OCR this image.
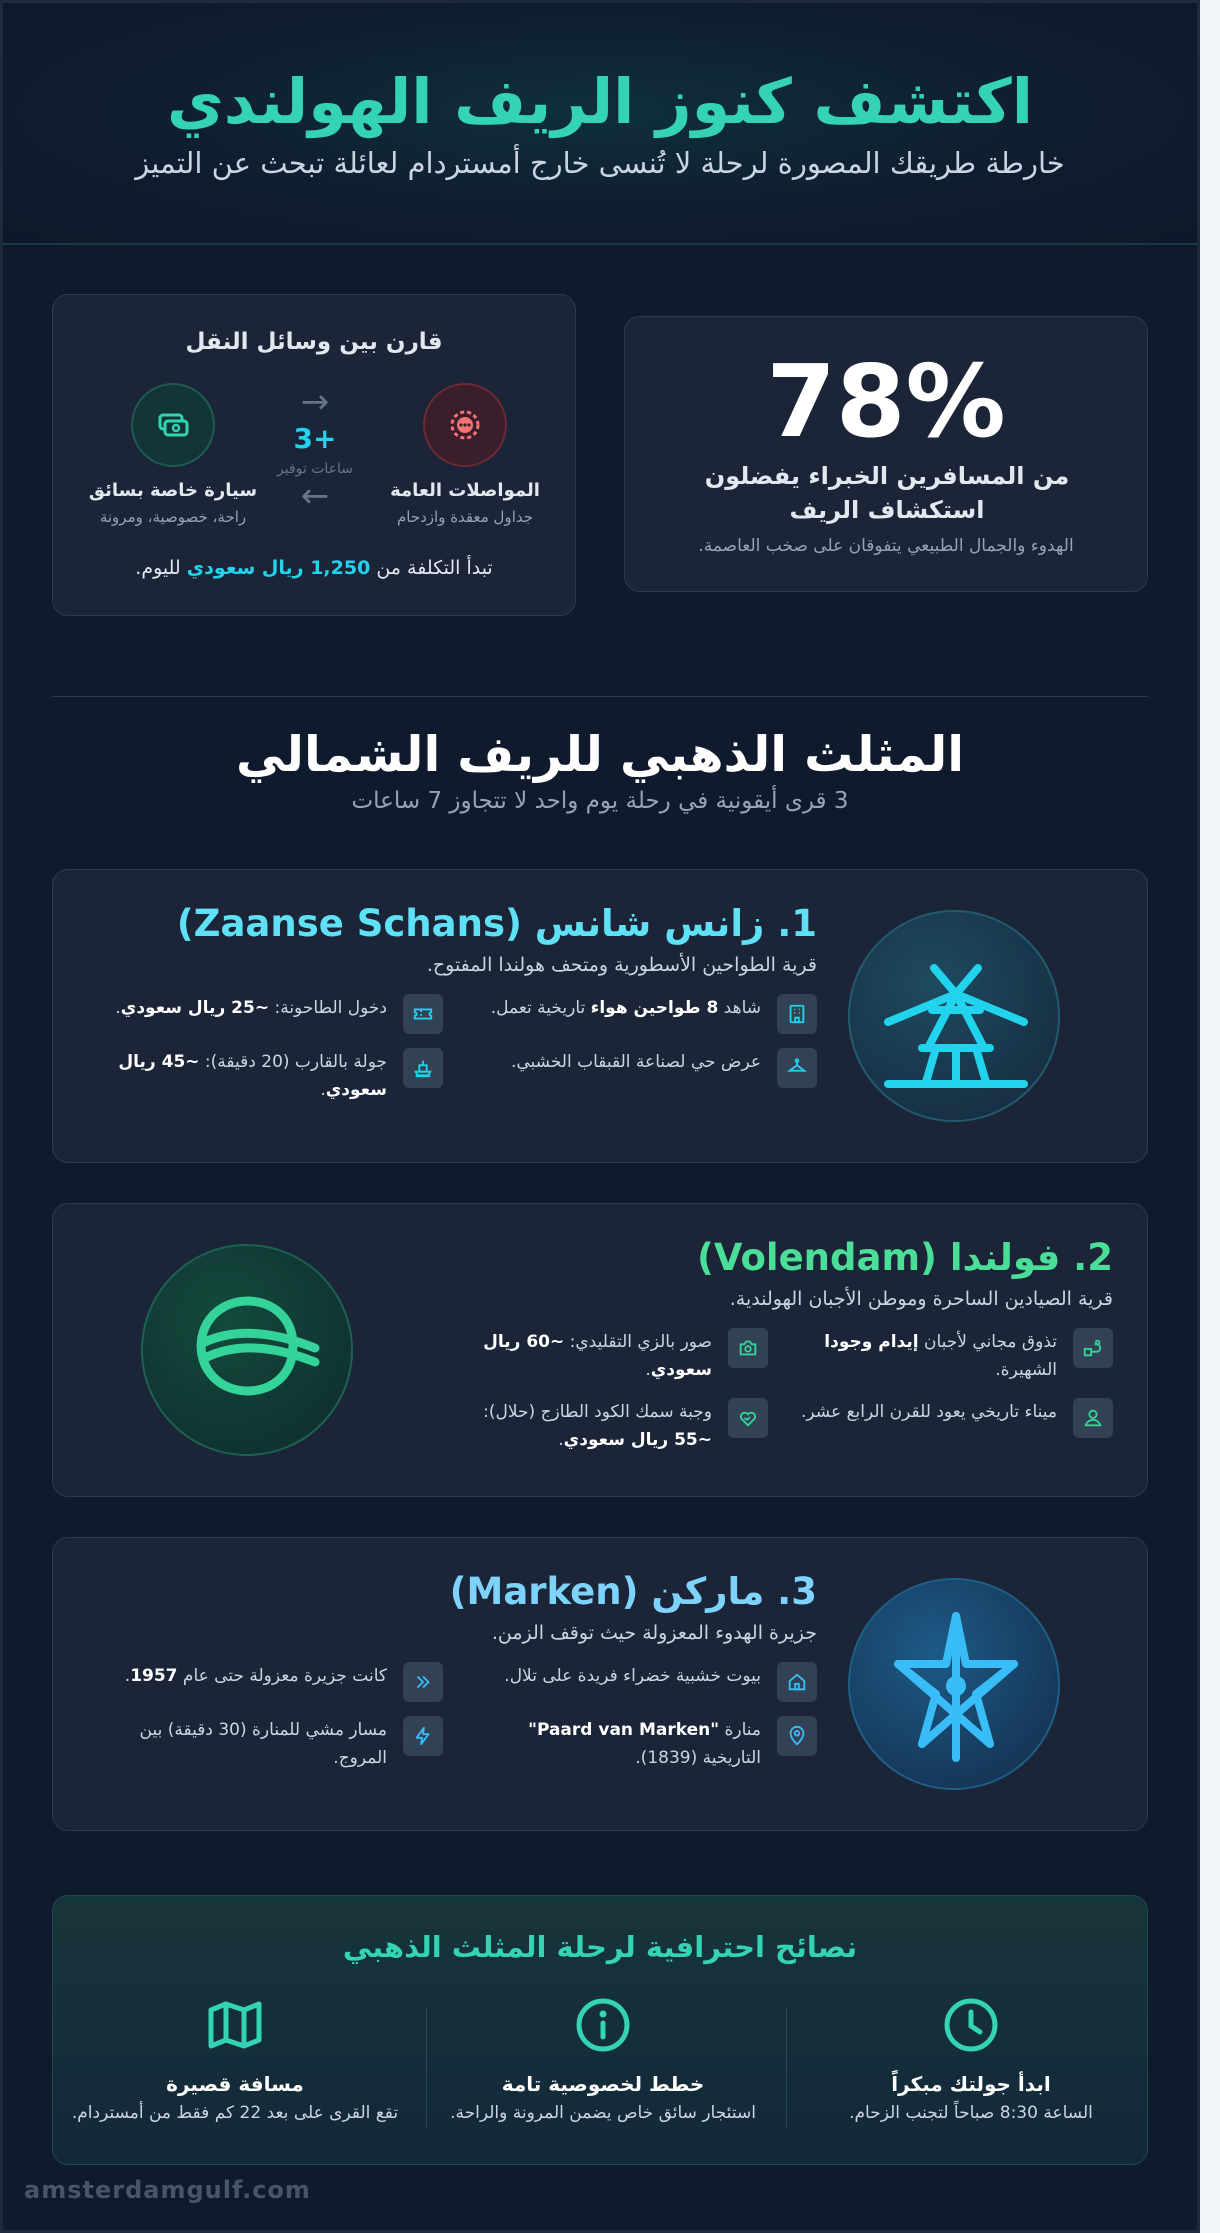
اكتشف كنوز الريف الهولندي

خارطة طريقك المصورة لرحلة لا تُنسى خارج أمستردام لعائلة تبحث عن التميز

78%
من المسافرين الخبراء يفضلون استكشاف الريف
الهدوء والجمال الطبيعي يتفوقان على صخب العاصمة.
قارن بين وسائل النقل
المواصلات العامة
جداول معقدة وازدحام
→
3+
ساعات توفير
←
سيارة خاصة بسائق
راحة، خصوصية، ومرونة
تبدأ التكلفة من 1,250 ريال سعودي لليوم.
المثلث الذهبي للريف الشمالي

3 قرى أيقونية في رحلة يوم واحد لا تتجاوز 7 ساعات

1. زانس شانس (Zaanse Schans)

قرية الطواحين الأسطورية ومتحف هولندا المفتوح.

شاهد 8 طواحين هواء تاريخية تعمل.
دخول الطاحونة: ~25 ريال سعودي.
عرض حي لصناعة القبقاب الخشبي.
جولة بالقارب (20 دقيقة): ~45 ريال سعودي.
2. فولندا (Volendam)

قرية الصيادين الساحرة وموطن الأجبان الهولندية.

تذوق مجاني لأجبان إيدام وجودا الشهيرة.
صور بالزي التقليدي: ~60 ريال سعودي.
ميناء تاريخي يعود للقرن الرابع عشر.
وجبة سمك الكود الطازج (حلال): ~55 ريال سعودي.
3. ماركن (Marken)

جزيرة الهدوء المعزولة حيث توقف الزمن.

بيوت خشبية خضراء فريدة على تلال.
كانت جزيرة معزولة حتى عام 1957.
منارة "Paard van Marken" التاريخية (1839).
مسار مشي للمنارة (30 دقيقة) بين المروج.
نصائح احترافية لرحلة المثلث الذهبي
ابدأ جولتك مبكراً
الساعة 8:30 صباحاً لتجنب الزحام.
خطط لخصوصية تامة
استئجار سائق خاص يضمن المرونة والراحة.
مسافة قصيرة
تقع القرى على بعد 22 كم فقط من أمستردام.
amsterdamgulf.com
